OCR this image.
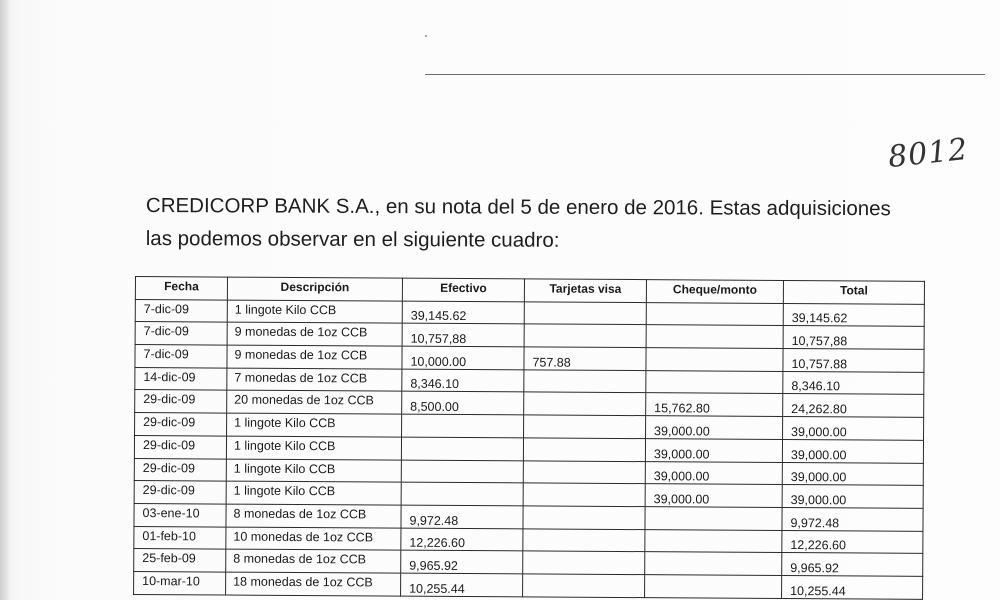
8012
CREDICORP BANK S.A., en su nota del 5 de enero de 2016. Estas adquisiciones
las podemos observar en el siguiente cuadro:
Fecha	Descripción	Efectivo	Tarjetas visa	Cheque/monto	Total
7-dic-09	1 lingote Kilo CCB	39,145.62			39,145.62
7-dic-09	9 monedas de 1oz CCB	10,757,88			10,757,88
7-dic-09	9 monedas de 1oz CCB	10,000.00	757.88		10,757.88
14-dic-09	7 monedas de 1oz CCB	8,346.10			8,346.10
29-dic-09	20 monedas de 1oz CCB	8,500.00		15,762.80	24,262.80
29-dic-09	1 lingote Kilo CCB			39,000.00	39,000.00
29-dic-09	1 lingote Kilo CCB			39,000.00	39,000.00
29-dic-09	1 lingote Kilo CCB			39,000.00	39,000.00
29-dic-09	1 lingote Kilo CCB			39,000.00	39,000.00
03-ene-10	8 monedas de 1oz CCB	9,972.48			9,972.48
01-feb-10	10 monedas de 1oz CCB	12,226.60			12,226.60
25-feb-09	8 monedas de 1oz CCB	9,965.92			9,965.92
10-mar-10	18 monedas de 1oz CCB	10,255.44			10,255.44
